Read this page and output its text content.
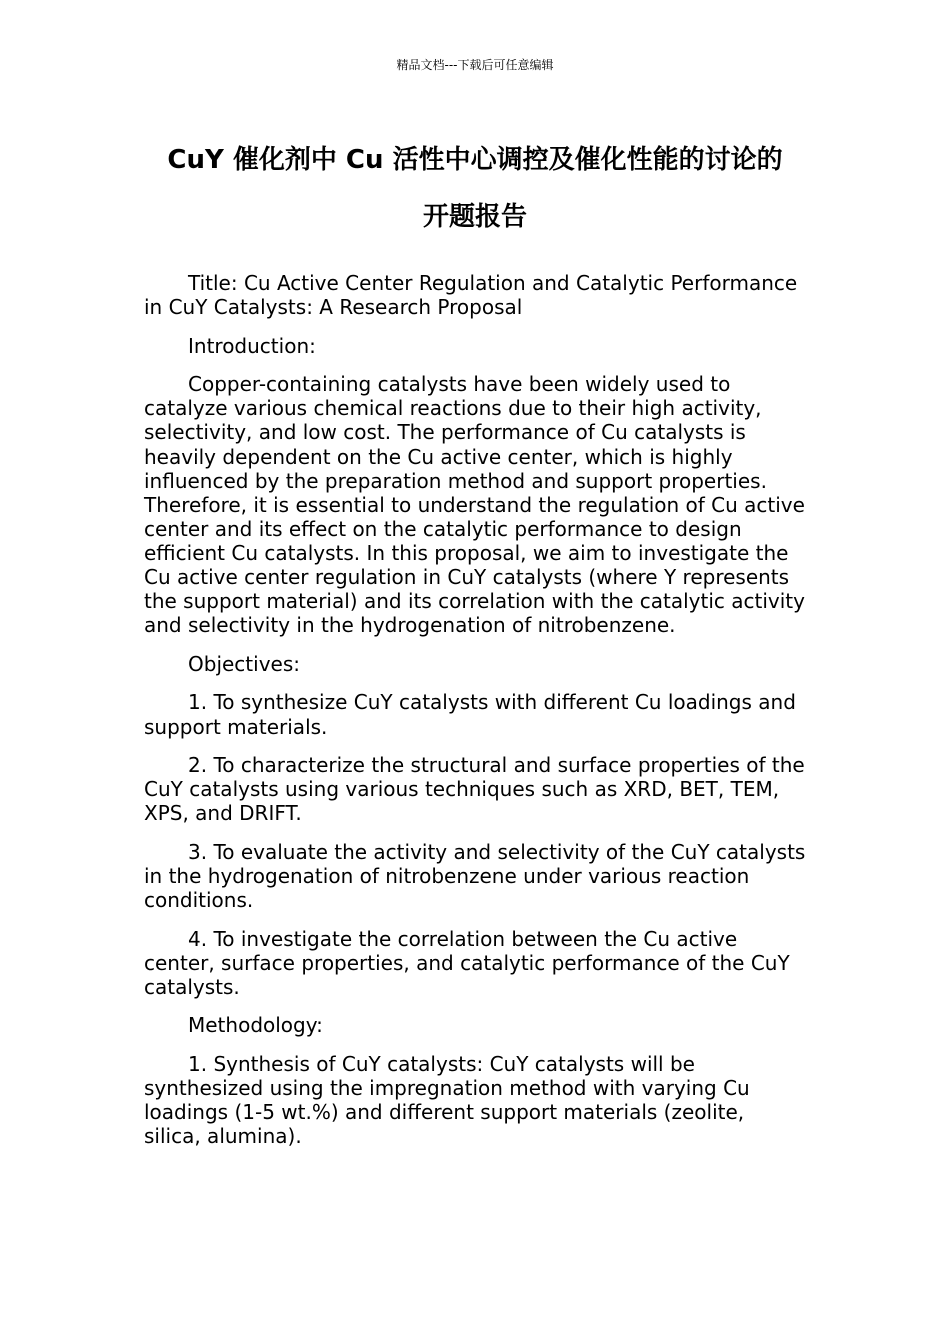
精品文档---下载后可任意编辑
CuY 催化剂中 Cu 活性中心调控及催化性能的讨论的
开题报告

Title: Cu Active Center Regulation and Catalytic Performance in CuY Catalysts: A Research Proposal

Introduction:

Copper-containing catalysts have been widely used to catalyze various chemical reactions due to their high activity, selectivity, and low cost. The performance of Cu catalysts is heavily dependent on the Cu active center, which is highly influenced by the preparation method and support properties. Therefore, it is essential to understand the regulation of Cu active center and its effect on the catalytic performance to design efficient Cu catalysts. In this proposal, we aim to investigate the Cu active center regulation in CuY catalysts (where Y represents the support material) and its correlation with the catalytic activity and selectivity in the hydrogenation of nitrobenzene.

Objectives:

1. To synthesize CuY catalysts with different Cu loadings and support materials.

2. To characterize the structural and surface properties of the CuY catalysts using various techniques such as XRD, BET, TEM, XPS, and DRIFT.

3. To evaluate the activity and selectivity of the CuY catalysts in the hydrogenation of nitrobenzene under various reaction conditions.

4. To investigate the correlation between the Cu active center, surface properties, and catalytic performance of the CuY catalysts.

Methodology:

1. Synthesis of CuY catalysts: CuY catalysts will be synthesized using the impregnation method with varying Cu loadings (1-5 wt.%) and different support materials (zeolite, silica, alumina).
